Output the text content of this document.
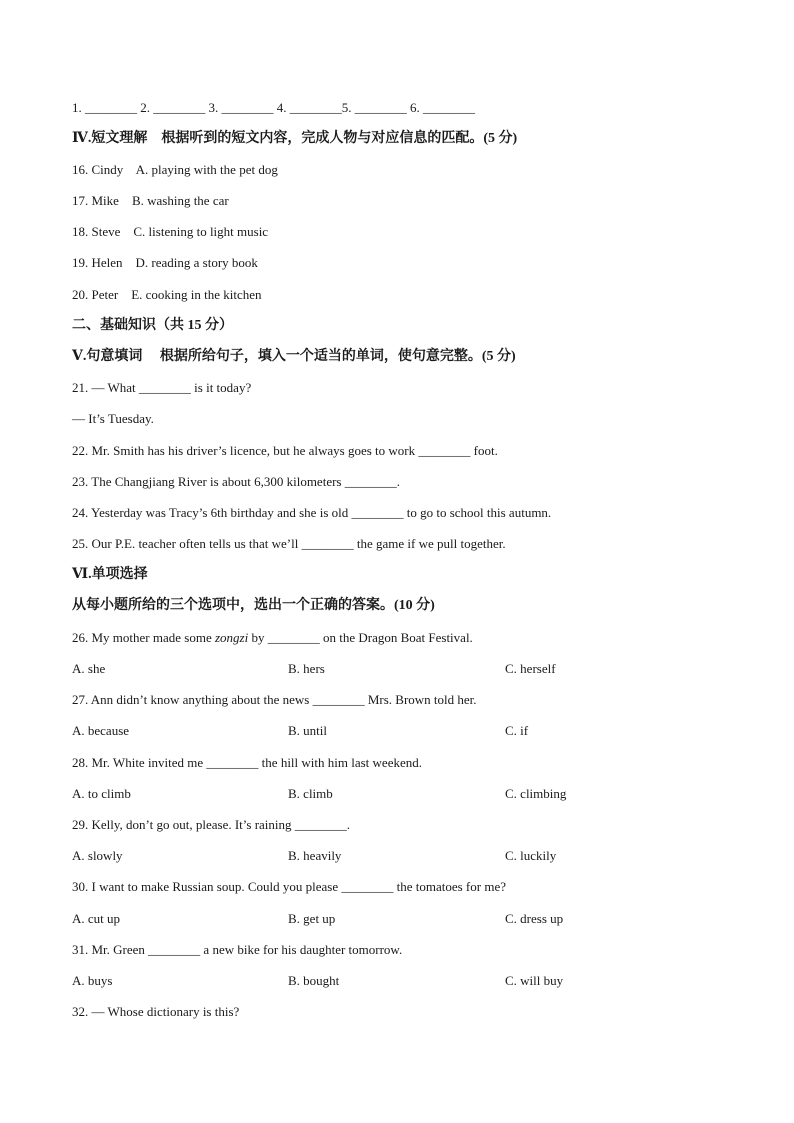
1. ________ 2. ________ 3. ________ 4. ________5. ________ 6. ________
Ⅳ.短文理解　根据听到的短文内容，完成人物与对应信息的匹配。(5 分)
16. Cindy    A. playing with the pet dog
17. Mike    B. washing the car
18. Steve    C. listening to light music
19. Helen    D. reading a story book
20. Peter    E. cooking in the kitchen
二、基础知识（共 15 分）
Ⅴ.句意填词　 根据所给句子，填入一个适当的单词，使句意完整。(5 分)
21. — What ________ is it today?
— It’s Tuesday.
22. Mr. Smith has his driver’s licence, but he always goes to work ________ foot.
23. The Changjiang River is about 6,300 kilometers ________.
24. Yesterday was Tracy’s 6th birthday and she is old ________ to go to school this autumn.
25. Our P.E. teacher often tells us that we’ll ________ the game if we pull together.
Ⅵ.单项选择
从每小题所给的三个选项中，选出一个正确的答案。(10 分)
26. My mother made some zongzi by ________ on the Dragon Boat Festival.
A. she	B. hers	C. herself
27. Ann didn’t know anything about the news ________ Mrs. Brown told her.
A. because	B. until	C. if
28. Mr. White invited me ________ the hill with him last weekend.
A. to climb	B. climb	C. climbing
29. Kelly, don’t go out, please. It’s raining ________.
A. slowly	B. heavily	C. luckily
30. I want to make Russian soup. Could you please ________ the tomatoes for me?
A. cut up	B. get up	C. dress up
31. Mr. Green ________ a new bike for his daughter tomorrow.
A. buys	B. bought	C. will buy
32. — Whose dictionary is this?
